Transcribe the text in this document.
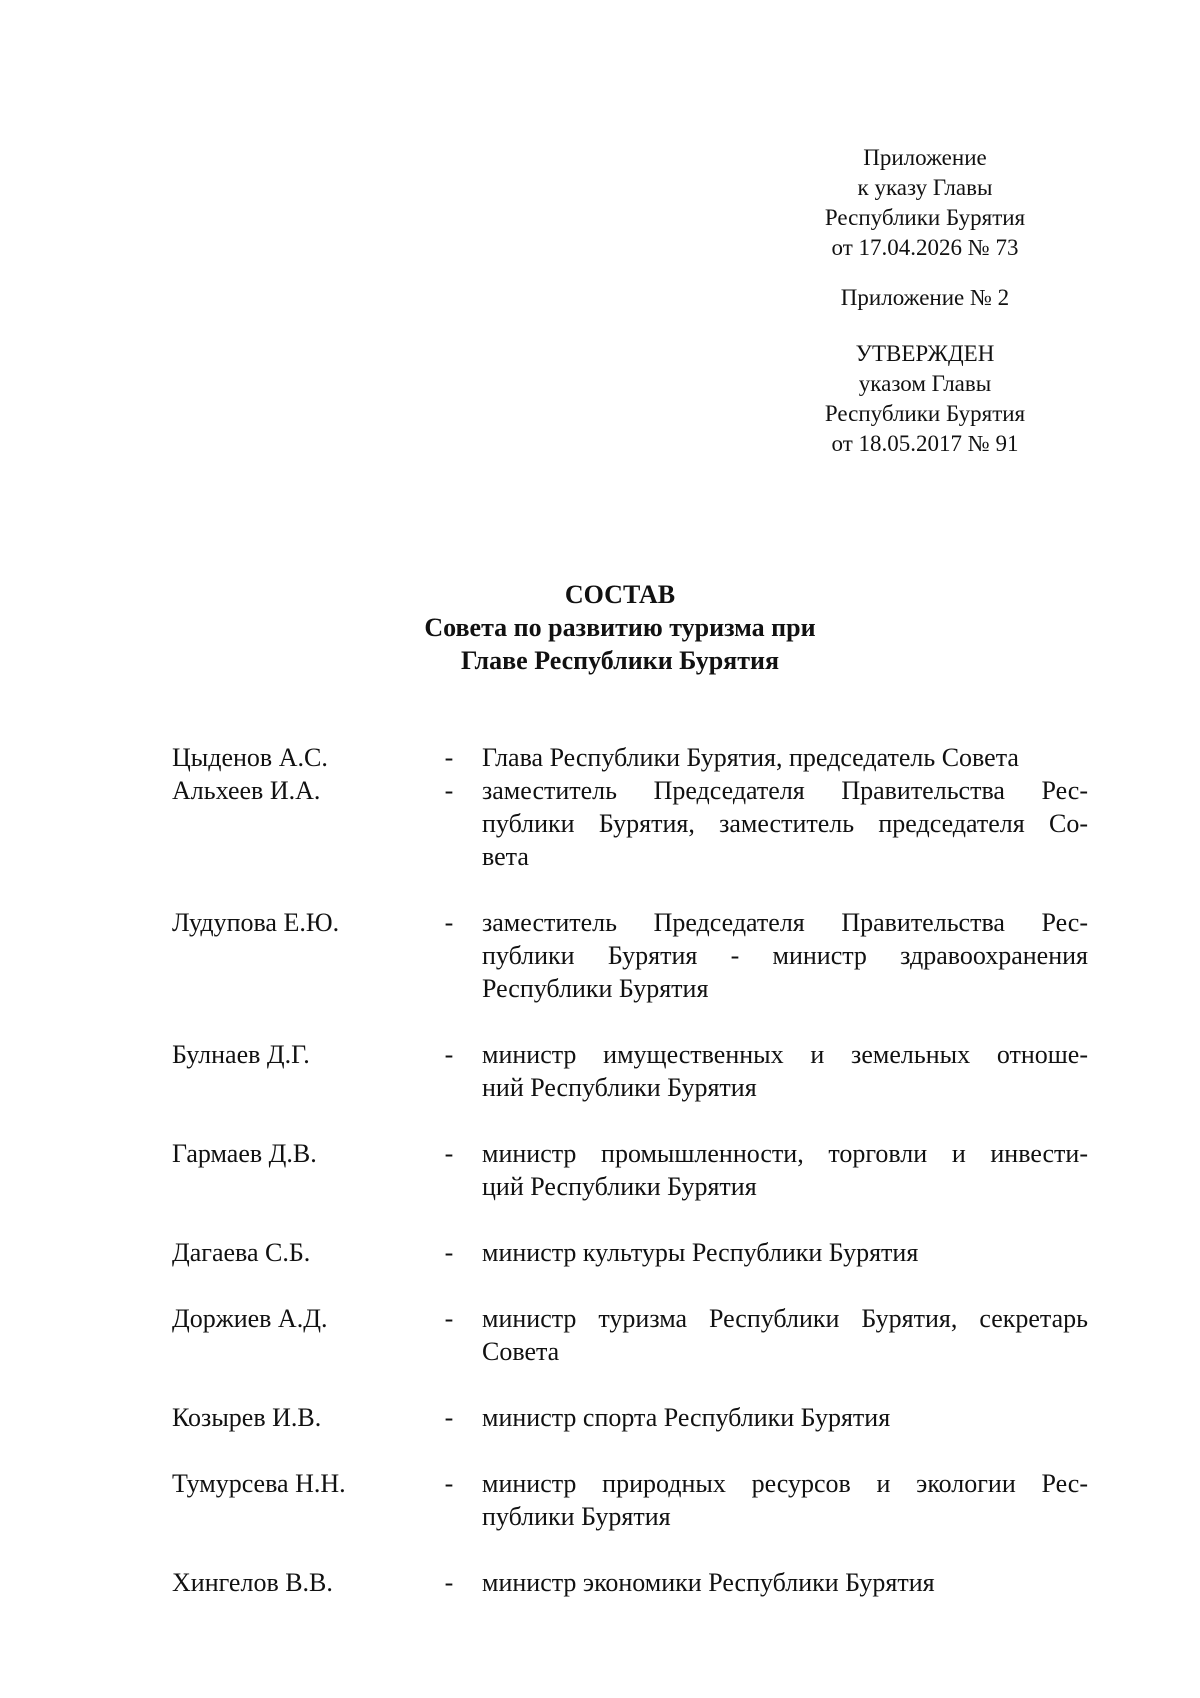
Приложение
к указу Главы
Республики Бурятия
от 17.04.2026 № 73
Приложение № 2
УТВЕРЖДЕН
указом Главы
Республики Бурятия
от 18.05.2017 № 91
СОСТАВ
Совета по развитию туризма при
Главе Республики Бурятия
Цыденов А.С.	- Глава Республики Бурятия, председатель Совета
Альхеев И.А.	- заместитель Председателя Правительства Рес-
публики Бурятия, заместитель председателя Со-
вета
Лудупова Е.Ю.	- заместитель Председателя Правительства Рес-
публики Бурятия - министр здравоохранения
Республики Бурятия
Булнаев Д.Г.	- министр имущественных и земельных отноше-
ний Республики Бурятия
Гармаев Д.В.	- министр промышленности, торговли и инвести-
ций Республики Бурятия
Дагаева С.Б.	- министр культуры Республики Бурятия
Доржиев А.Д.	- министр туризма Республики Бурятия, секретарь
Совета
Козырев И.В.	- министр спорта Республики Бурятия
Тумурсева Н.Н.	- министр природных ресурсов и экологии Рес-
публики Бурятия
Хингелов В.В.	- министр экономики Республики Бурятия
